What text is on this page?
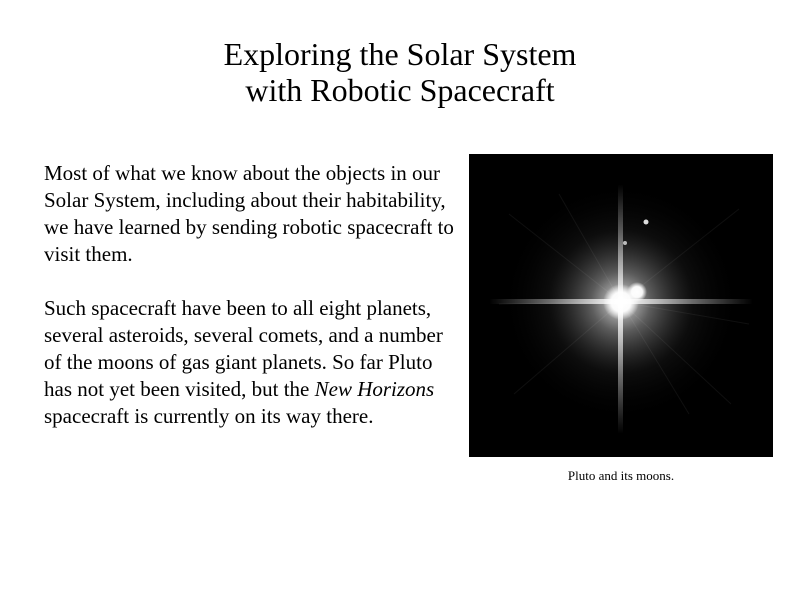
Exploring the Solar System
with Robotic Spacecraft

Most of what we know about the objects in our Solar System, including about their habitability, we have learned by sending robotic spacecraft to visit them.

Such spacecraft have been to all eight planets, several asteroids, several comets, and a number of the moons of gas giant planets. So far Pluto has not yet been visited, but the New Horizons spacecraft is currently on its way there.

Pluto and its moons.
